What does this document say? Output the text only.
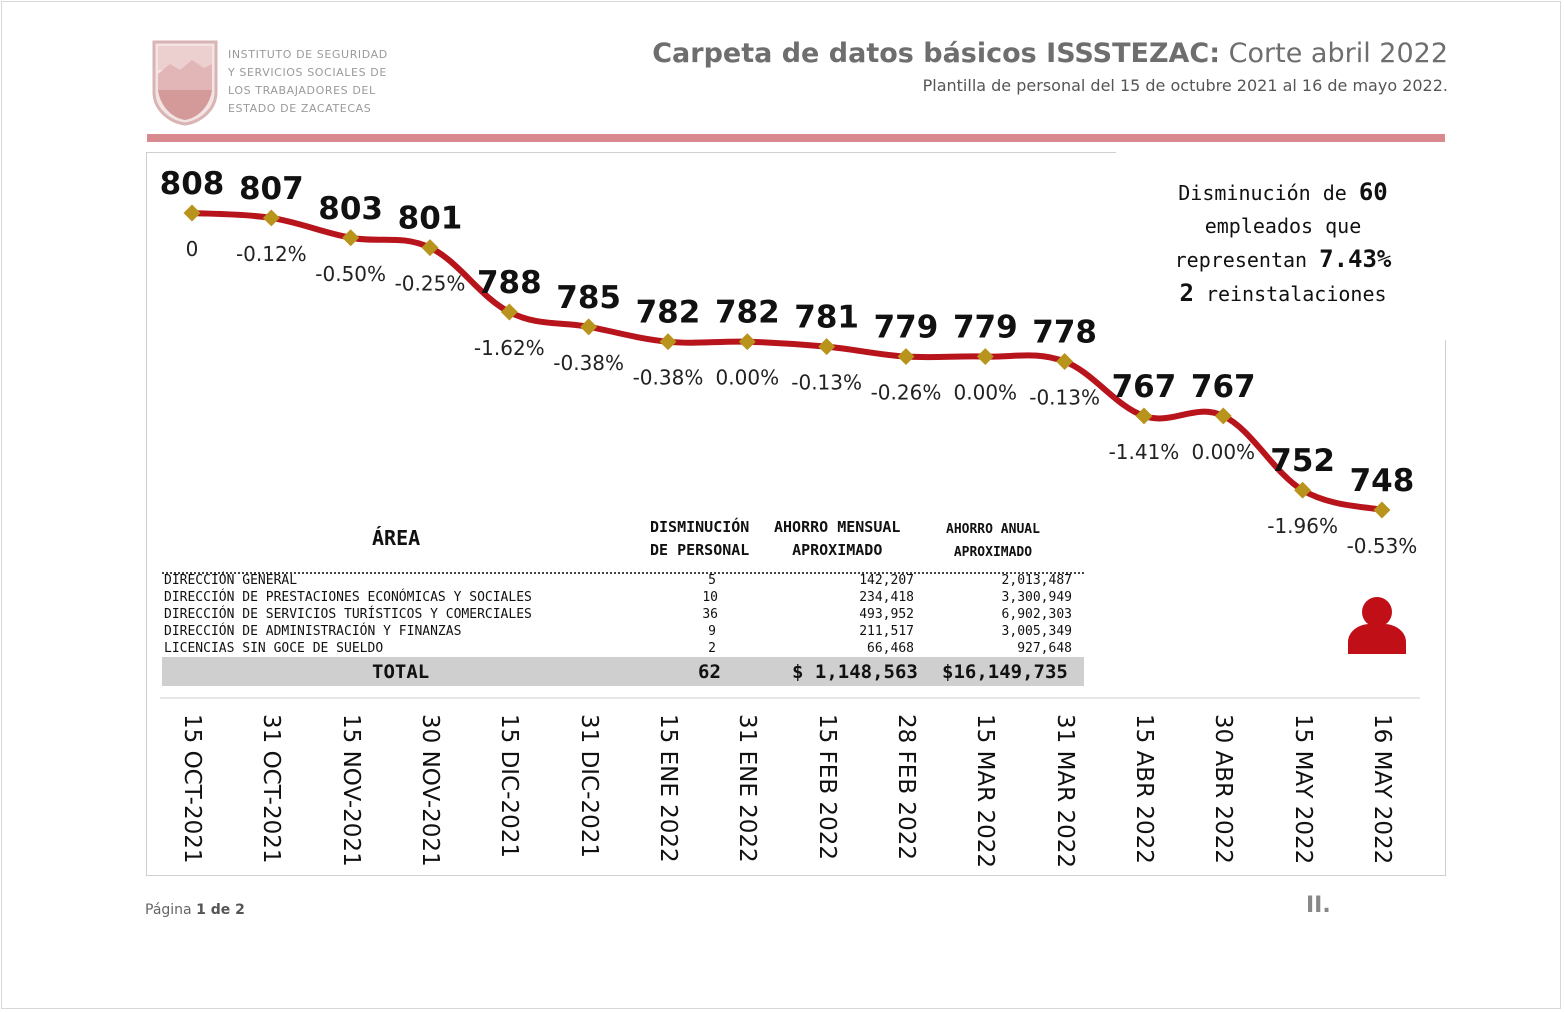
INSTITUTO DE SEGURIDAD
Y SERVICIOS SOCIALES DE
LOS TRABAJADORES DEL
ESTADO DE ZACATECAS
Carpeta de datos básicos ISSSTEZAC: Corte abril 2022
Plantilla de personal del 15 de octubre 2021 al 16 de mayo 2022.
808
0
807
-0.12%
803
-0.50%
801
-0.25% 788
-1.62%
785
-0.38%
782
-0.38%
782
0.00%
781
-0.13%
779
-0.26%
779
0.00%
778
-0.13% 767
-1.41%
767
0.00% 752
-1.96%
748
-0.53%
Disminución de 60
empleados que
representan 7.43%
2 reinstalaciones
ÁREA	DISMINUCIÓN
DE PERSONAL
AHORRO MENSUAL
APROXIMADO
AHORRO ANUAL
APROXIMADO
DIRECCIÓN GENERAL	5	142,207	2,013,487
DIRECCIÓN DE PRESTACIONES ECONÓMICAS Y SOCIALES	10	234,418	3,300,949
DIRECCIÓN DE SERVICIOS TURÍSTICOS Y COMERCIALES	36	493,952	6,902,303
DIRECCIÓN DE ADMINISTRACIÓN Y FINANZAS	9	211,517	3,005,349
LICENCIAS SIN GOCE DE SUELDO	2	66,468	927,648
TOTAL	62	$ 1,148,563 $16,149,735
15 OCT-2021 31 OCT-2021 15 NOV-2021 30 NOV-2021 15 DIC-2021 31 DIC-2021 15 ENE 2022 31 ENE 2022 15 FEB 2022 28 FEB 2022 15 MAR 2022 31 MAR 2022 15 ABR 2022 30 ABR 2022 15 MAY 2022 16 MAY 2022
Página 1 de 2	II.
